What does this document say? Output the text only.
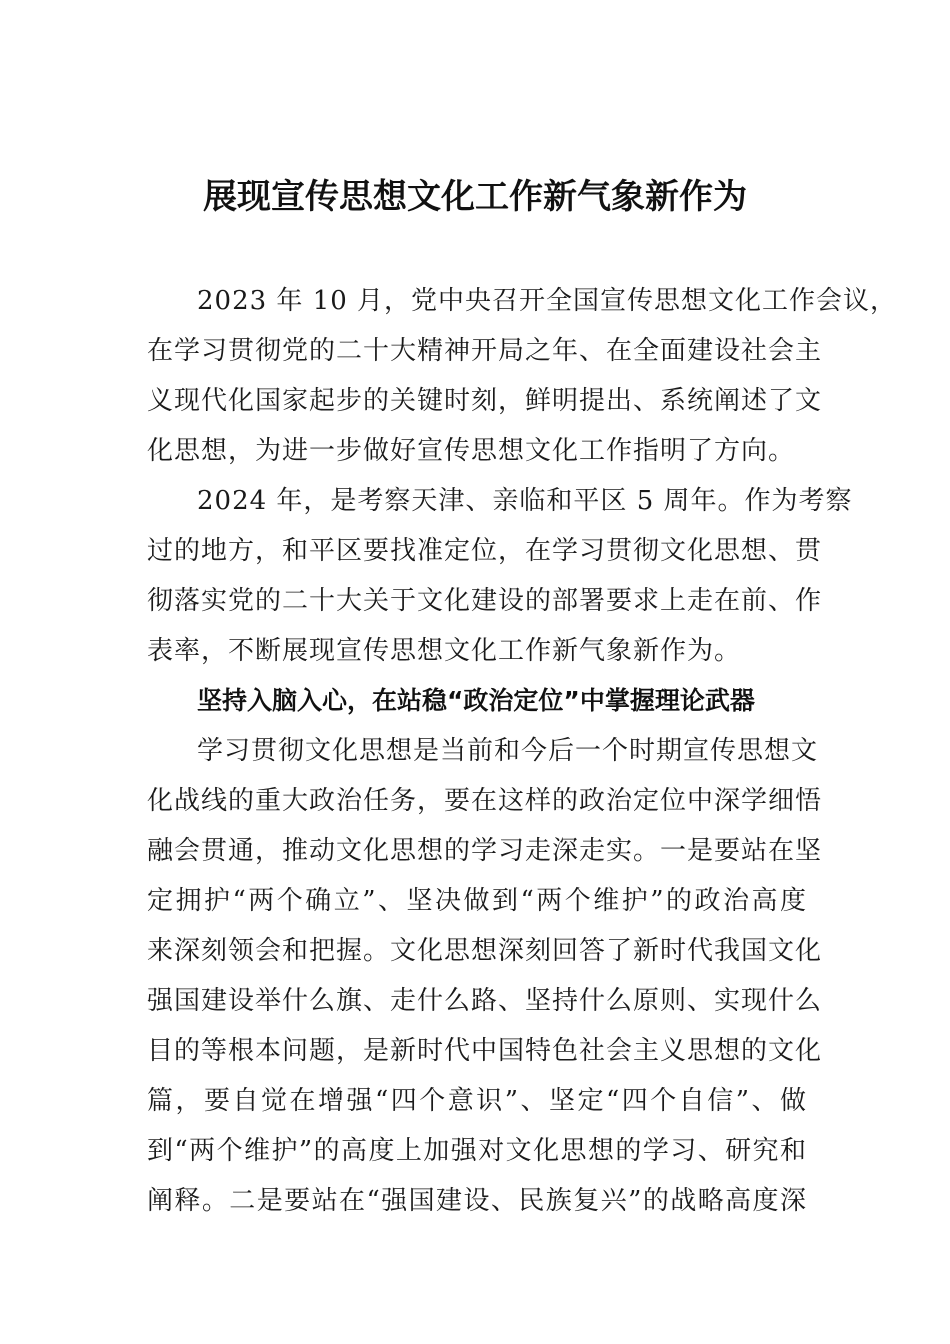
展现宣传思想文化工作新气象新作为
2023 年 10 月，党中央召开全国宣传思想文化工作会议，
在学习贯彻党的二十大精神开局之年、在全面建设社会主
义现代化国家起步的关键时刻，鲜明提出、系统阐述了文
化思想，为进一步做好宣传思想文化工作指明了方向。
2024 年，是考察天津、亲临和平区 5 周年。作为考察
过的地方，和平区要找准定位，在学习贯彻文化思想、贯
彻落实党的二十大关于文化建设的部署要求上走在前、作
表率，不断展现宣传思想文化工作新气象新作为。
坚持入脑入心，在站稳“政治定位”中掌握理论武器
学习贯彻文化思想是当前和今后一个时期宣传思想文
化战线的重大政治任务，要在这样的政治定位中深学细悟
融会贯通，推动文化思想的学习走深走实。一是要站在坚
定拥护“两个确立”、坚决做到“两个维护”的政治高度
来深刻领会和把握。文化思想深刻回答了新时代我国文化
强国建设举什么旗、走什么路、坚持什么原则、实现什么
目的等根本问题，是新时代中国特色社会主义思想的文化
篇，要自觉在增强“四个意识”、坚定“四个自信”、做
到“两个维护”的高度上加强对文化思想的学习、研究和
阐释。二是要站在“强国建设、民族复兴”的战略高度深
